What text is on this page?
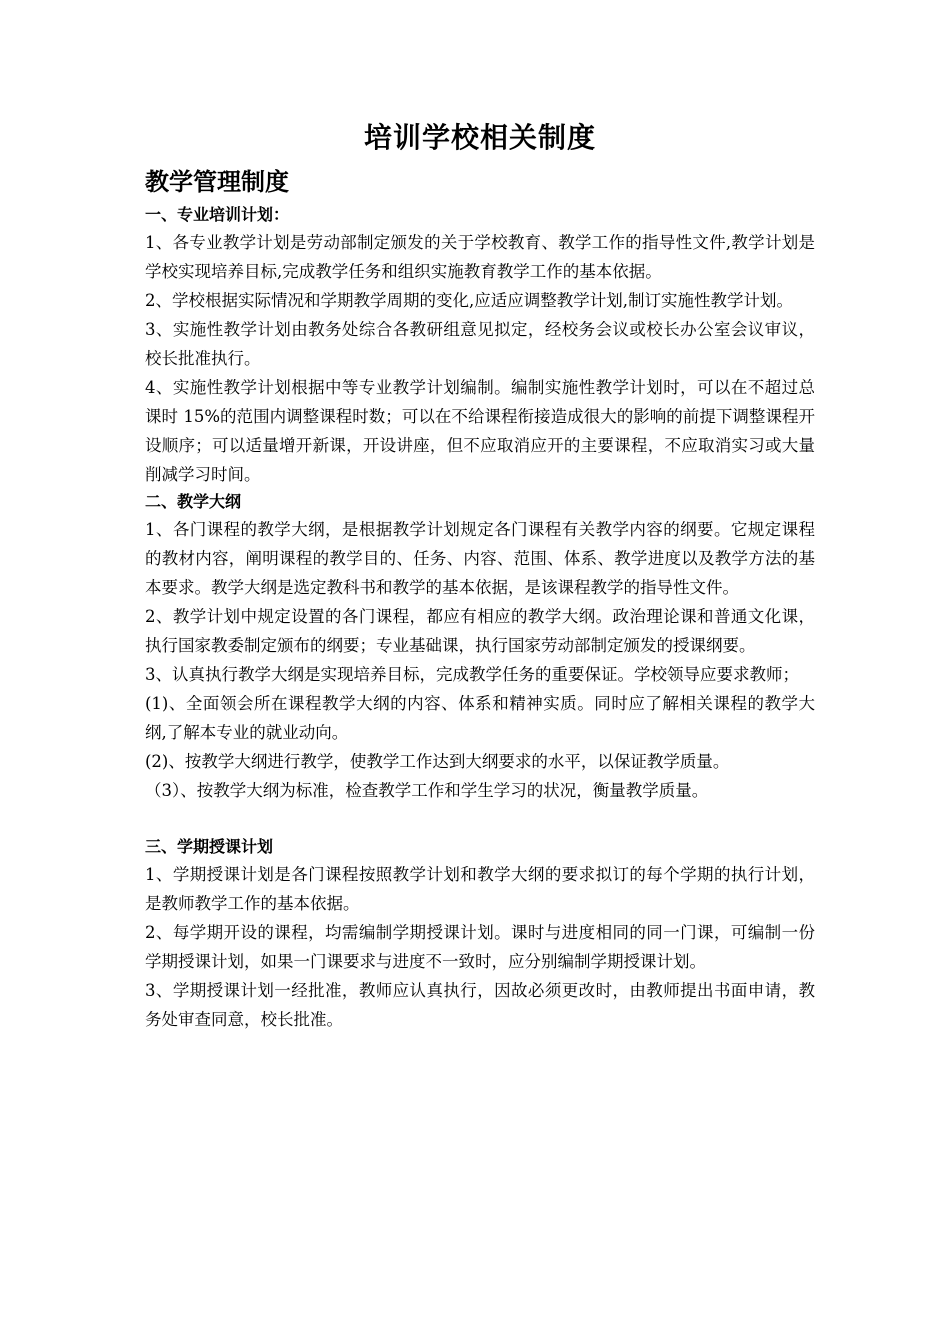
培训学校相关制度
教学管理制度
一、专业培训计划：

1、各专业教学计划是劳动部制定颁发的关于学校教育、教学工作的指导性文件,教学计划是学校实现培养目标,完成教学任务和组织实施教育教学工作的基本依据。

2、学校根据实际情况和学期教学周期的变化,应适应调整教学计划,制订实施性教学计划。

3、实施性教学计划由教务处综合各教研组意见拟定，经校务会议或校长办公室会议审议，校长批准执行。

4、实施性教学计划根据中等专业教学计划编制。编制实施性教学计划时，可以在不超过总课时 15%的范围内调整课程时数；可以在不给课程衔接造成很大的影响的前提下调整课程开设顺序；可以适量增开新课，开设讲座，但不应取消应开的主要课程，不应取消实习或大量削减学习时间。

二、教学大纲

1、各门课程的教学大纲，是根据教学计划规定各门课程有关教学内容的纲要。它规定课程的教材内容，阐明课程的教学目的、任务、内容、范围、体系、教学进度以及教学方法的基本要求。教学大纲是选定教科书和教学的基本依据，是该课程教学的指导性文件。

2、教学计划中规定设置的各门课程，都应有相应的教学大纲。政治理论课和普通文化课，执行国家教委制定颁布的纲要；专业基础课，执行国家劳动部制定颁发的授课纲要。

3、认真执行教学大纲是实现培养目标，完成教学任务的重要保证。学校领导应要求教师；

(1)、全面领会所在课程教学大纲的内容、体系和精神实质。同时应了解相关课程的教学大纲,了解本专业的就业动向。

(2)、按教学大纲进行教学，使教学工作达到大纲要求的水平，以保证教学质量。

（3）、按教学大纲为标准，检查教学工作和学生学习的状况，衡量教学质量。

三、学期授课计划

1、学期授课计划是各门课程按照教学计划和教学大纲的要求拟订的每个学期的执行计划，是教师教学工作的基本依据。

2、每学期开设的课程，均需编制学期授课计划。课时与进度相同的同一门课，可编制一份学期授课计划，如果一门课要求与进度不一致时，应分别编制学期授课计划。

3、学期授课计划一经批准，教师应认真执行，因故必须更改时，由教师提出书面申请，教务处审查同意，校长批准。
